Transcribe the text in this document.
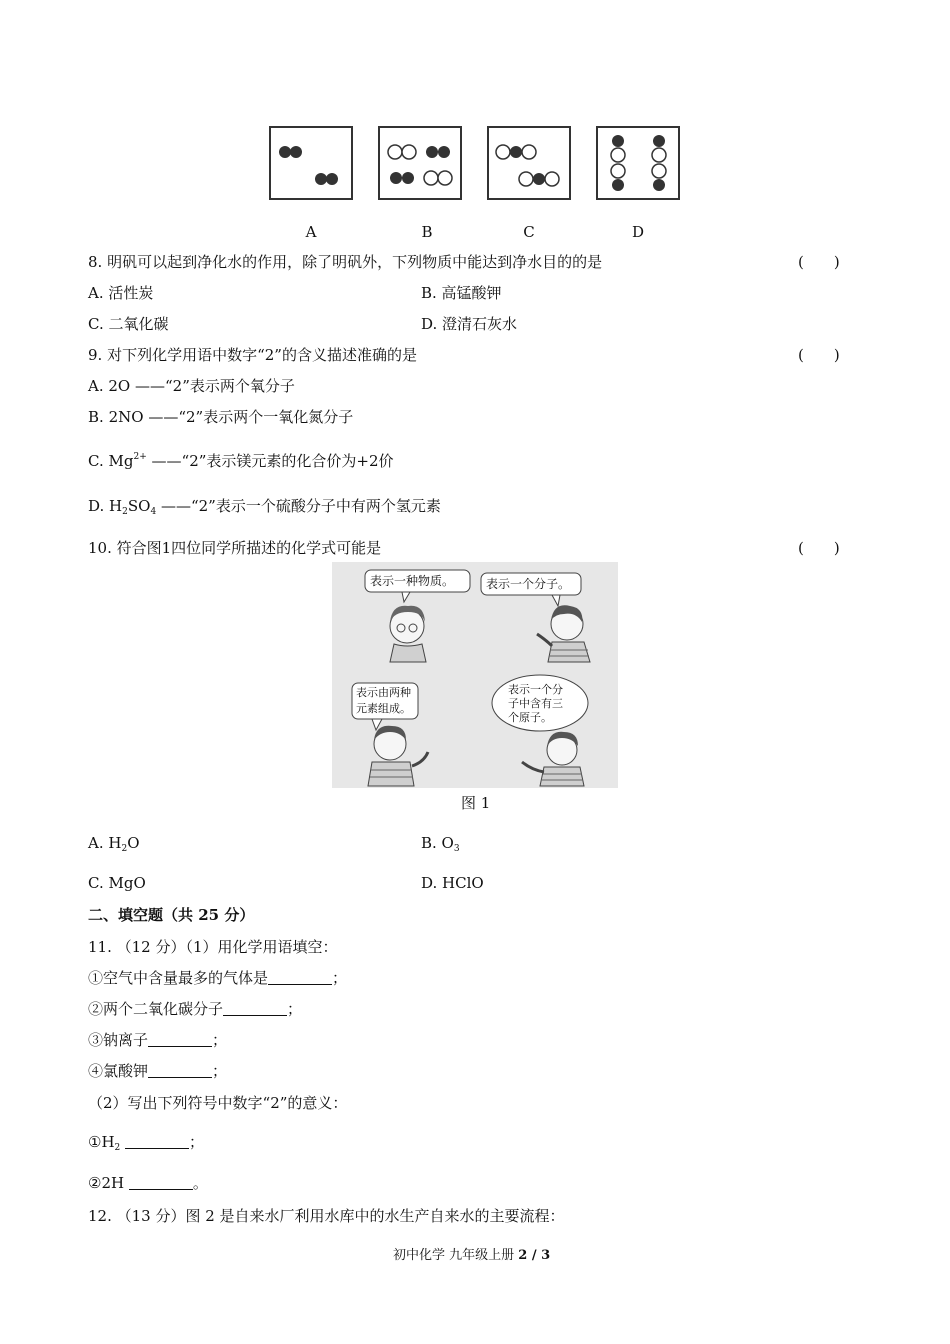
A	B	C	D
8. 明矾可以起到净化水的作用，除了明矾外，下列物质中能达到净水目的的是	(　　)
A. 活性炭	B. 高锰酸钾
C. 二氧化碳	D. 澄清石灰水
9. 对下列化学用语中数字“2”的含义描述准确的是	(　　)
A. 2O ——“2”表示两个氧分子
B. 2NO ——“2”表示两个一氧化氮分子
C. $Mg^{2+}$ ——“2”表示镁元素的化合价为+2价
D. $H_2SO_4$ ——“2”表示一个硫酸分子中有两个氢元素
10. 符合图1四位同学所描述的化学式可能是	(　　)
表示一种物质。	表示一个分子。
表示由两种
元素组成。
表示一个分
子中含有三
个原子。
图 1
A. $H_2O$	B. $O_3$
C. MgO	D. HClO
二、填空题（共 25 分）
11. （12 分）（1）用化学用语填空：
①空气中含量最多的气体是	；
②两个二氧化碳分子	；
③钠离子	；
④氯酸钾	；
（2）写出下列符号中数字“2”的意义：
$①H_2$	；
②2H	。
12. （13 分）图 2 是自来水厂利用水库中的水生产自来水的主要流程：
初中化学 九年级上册 2 / 3
